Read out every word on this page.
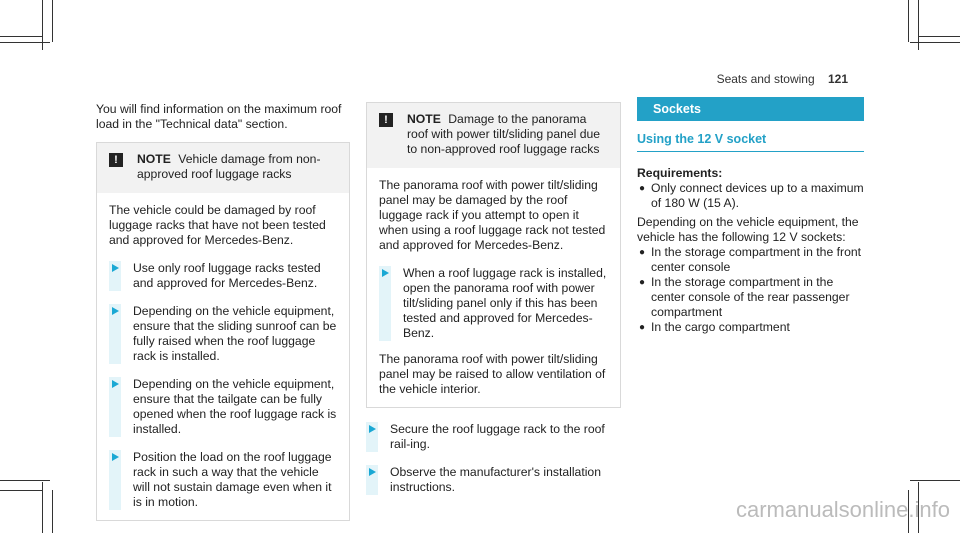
Seats and stowing 121

You will find information on the maximum roof load in the "Technical data" section.

!	NOTE Vehicle damage from non-approved roof luggage racks

The vehicle could be damaged by roof luggage racks that have not been tested and approved for Mercedes-Benz.

Use only roof luggage racks tested and approved for Mercedes-Benz.
Depending on the vehicle equipment, ensure that the sliding sunroof can be fully raised when the roof luggage rack is installed.
Depending on the vehicle equipment, ensure that the tailgate can be fully opened when the roof luggage rack is installed.
Position the load on the roof luggage rack in such a way that the vehicle will not sustain damage even when it is in motion.
!	NOTE Damage to the panorama roof with power tilt/sliding panel due to non-approved roof luggage racks

The panorama roof with power tilt/sliding panel may be damaged by the roof luggage rack if you attempt to open it when using a roof luggage rack not tested and approved for Mercedes-Benz.

When a roof luggage rack is installed, open the panorama roof with power tilt/sliding panel only if this has been tested and approved for Mercedes-Benz.

The panorama roof with power tilt/sliding panel may be raised to allow ventilation of the vehicle interior.

Secure the roof luggage rack to the roof rail-ing.
Observe the manufacturer's installation instructions.
Sockets
Using the 12 V socket
Requirements:
● Only connect devices up to a maximum of 180 W (15 A).

Depending on the vehicle equipment, the vehicle has the following 12 V sockets:

● In the storage compartment in the front center console
● In the storage compartment in the center console of the rear passenger compartment
● In the cargo compartment
carmanualsonline.info
